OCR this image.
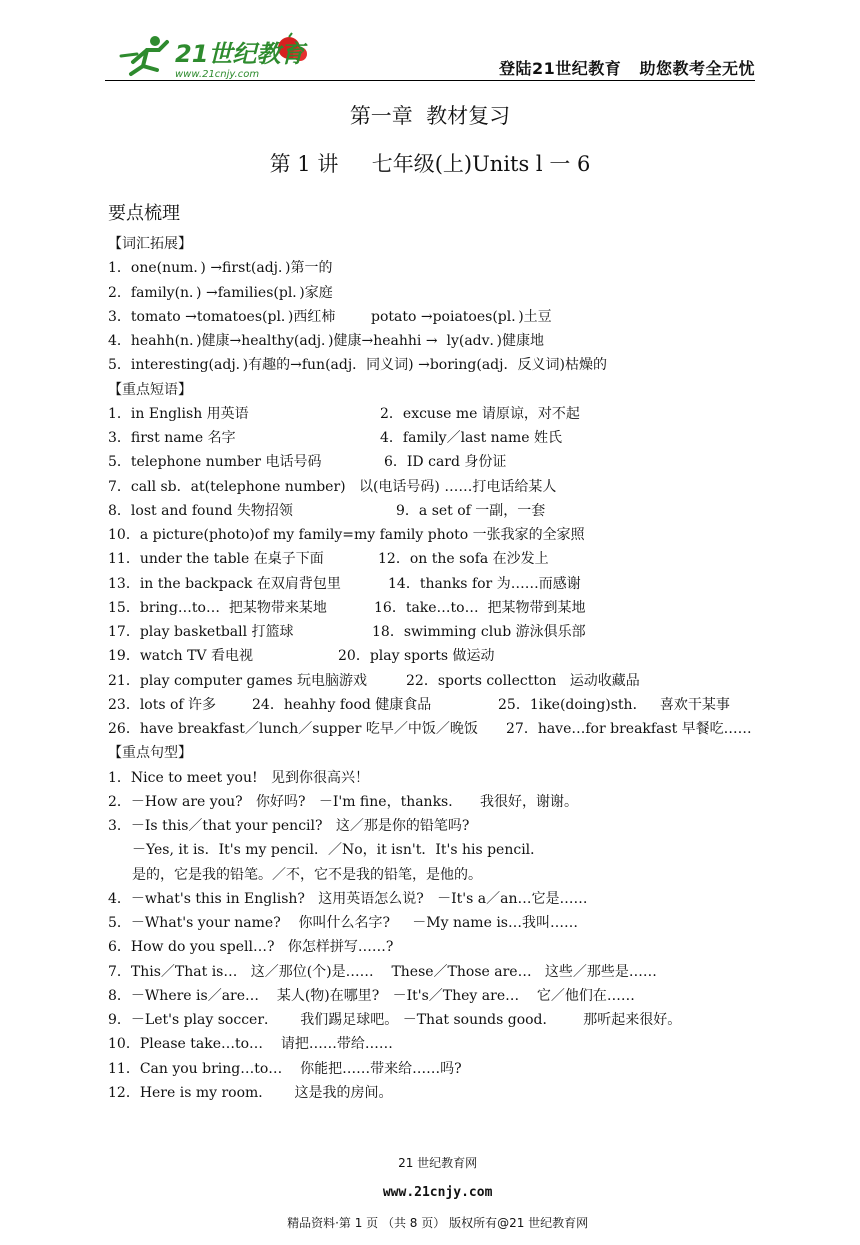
21世纪教育
www.21cnjy.com	登陆21世纪教育   助您教考全无忧
第一章  教材复习
第 1 讲     七年级(上)Units l 一 6
要点梳理
【词汇拓展】
1．one(num．) →first(adj．)第一的
2．family(n．) →families(pl．)家庭
3．tomato →tomatoes(pl．)西红柿        potato →poiatoes(pl．)土豆
4．heahh(n．)健康→healthy(adj．)健康→heahhi →  ly(adv．)健康地
5．interesting(adj．)有趣的→fun(adj．同义词) →boring(adj．反义词)枯燥的
【重点短语】
1．in English 用英语	2．excuse me 请原谅，对不起
3．first name 名字	4．family／last name 姓氏
5．telephone number 电话号码	6．ID card 身份证
7．call sb．at(telephone number)   以(电话号码) ……打电话给某人
8．lost and found 失物招领	9．a set of 一副，一套
10．a picture(photo)of my family=my family photo 一张我家的全家照
11．under the table 在桌子下面	12．on the sofa 在沙发上
13．in the backpack 在双肩背包里	14．thanks for 为……而感谢
15．bring…to…  把某物带来某地	16．take…to…  把某物带到某地
17．play basketball 打篮球	18．swimming club 游泳俱乐部
19．watch TV 看电视	20．play sports 做运动
21．play computer games 玩电脑游戏	22．sports collectton   运动收藏品
23．lots of 许多	24．heahhy food 健康食品	25．1ike(doing)sth．   喜欢干某事
26．have breakfast／lunch／supper 吃早／中饭／晚饭 27．have…for breakfast 早餐吃……
【重点句型】
1．Nice to meet you!   见到你很高兴！
2．－How are you?   你好吗?   －I'm fine，thanks．    我很好，谢谢。
3．－Is this／that your pencil?   这／那是你的铅笔吗?
－Yes, it is．It's my pencil．／No，it isn't．It's his pencil．
是的，它是我的铅笔。／不，它不是我的铅笔，是他的。
4．－what's this in English?   这用英语怎么说?   －It's a／an…它是……
5．－What's your name?    你叫什么名字?     －My name is…我叫……
6．How do you spell…?   你怎样拼写……?
7．This／That is…   这／那位(个)是……    These／Those are…   这些／那些是……
8．－Where is／are…    某人(物)在哪里?   －It's／They are…    它／他们在……
9．－Let's play soccer．     我们踢足球吧。 －That sounds good．      那听起来很好。
10．Please take…to…    请把……带给……
11．Can you bring…to…    你能把……带来给……吗?
12．Here is my room．     这是我的房间。

21 世纪教育网

www.21cnjy.com

精品资料·第 1 页 （共 8 页） 版权所有@21 世纪教育网
